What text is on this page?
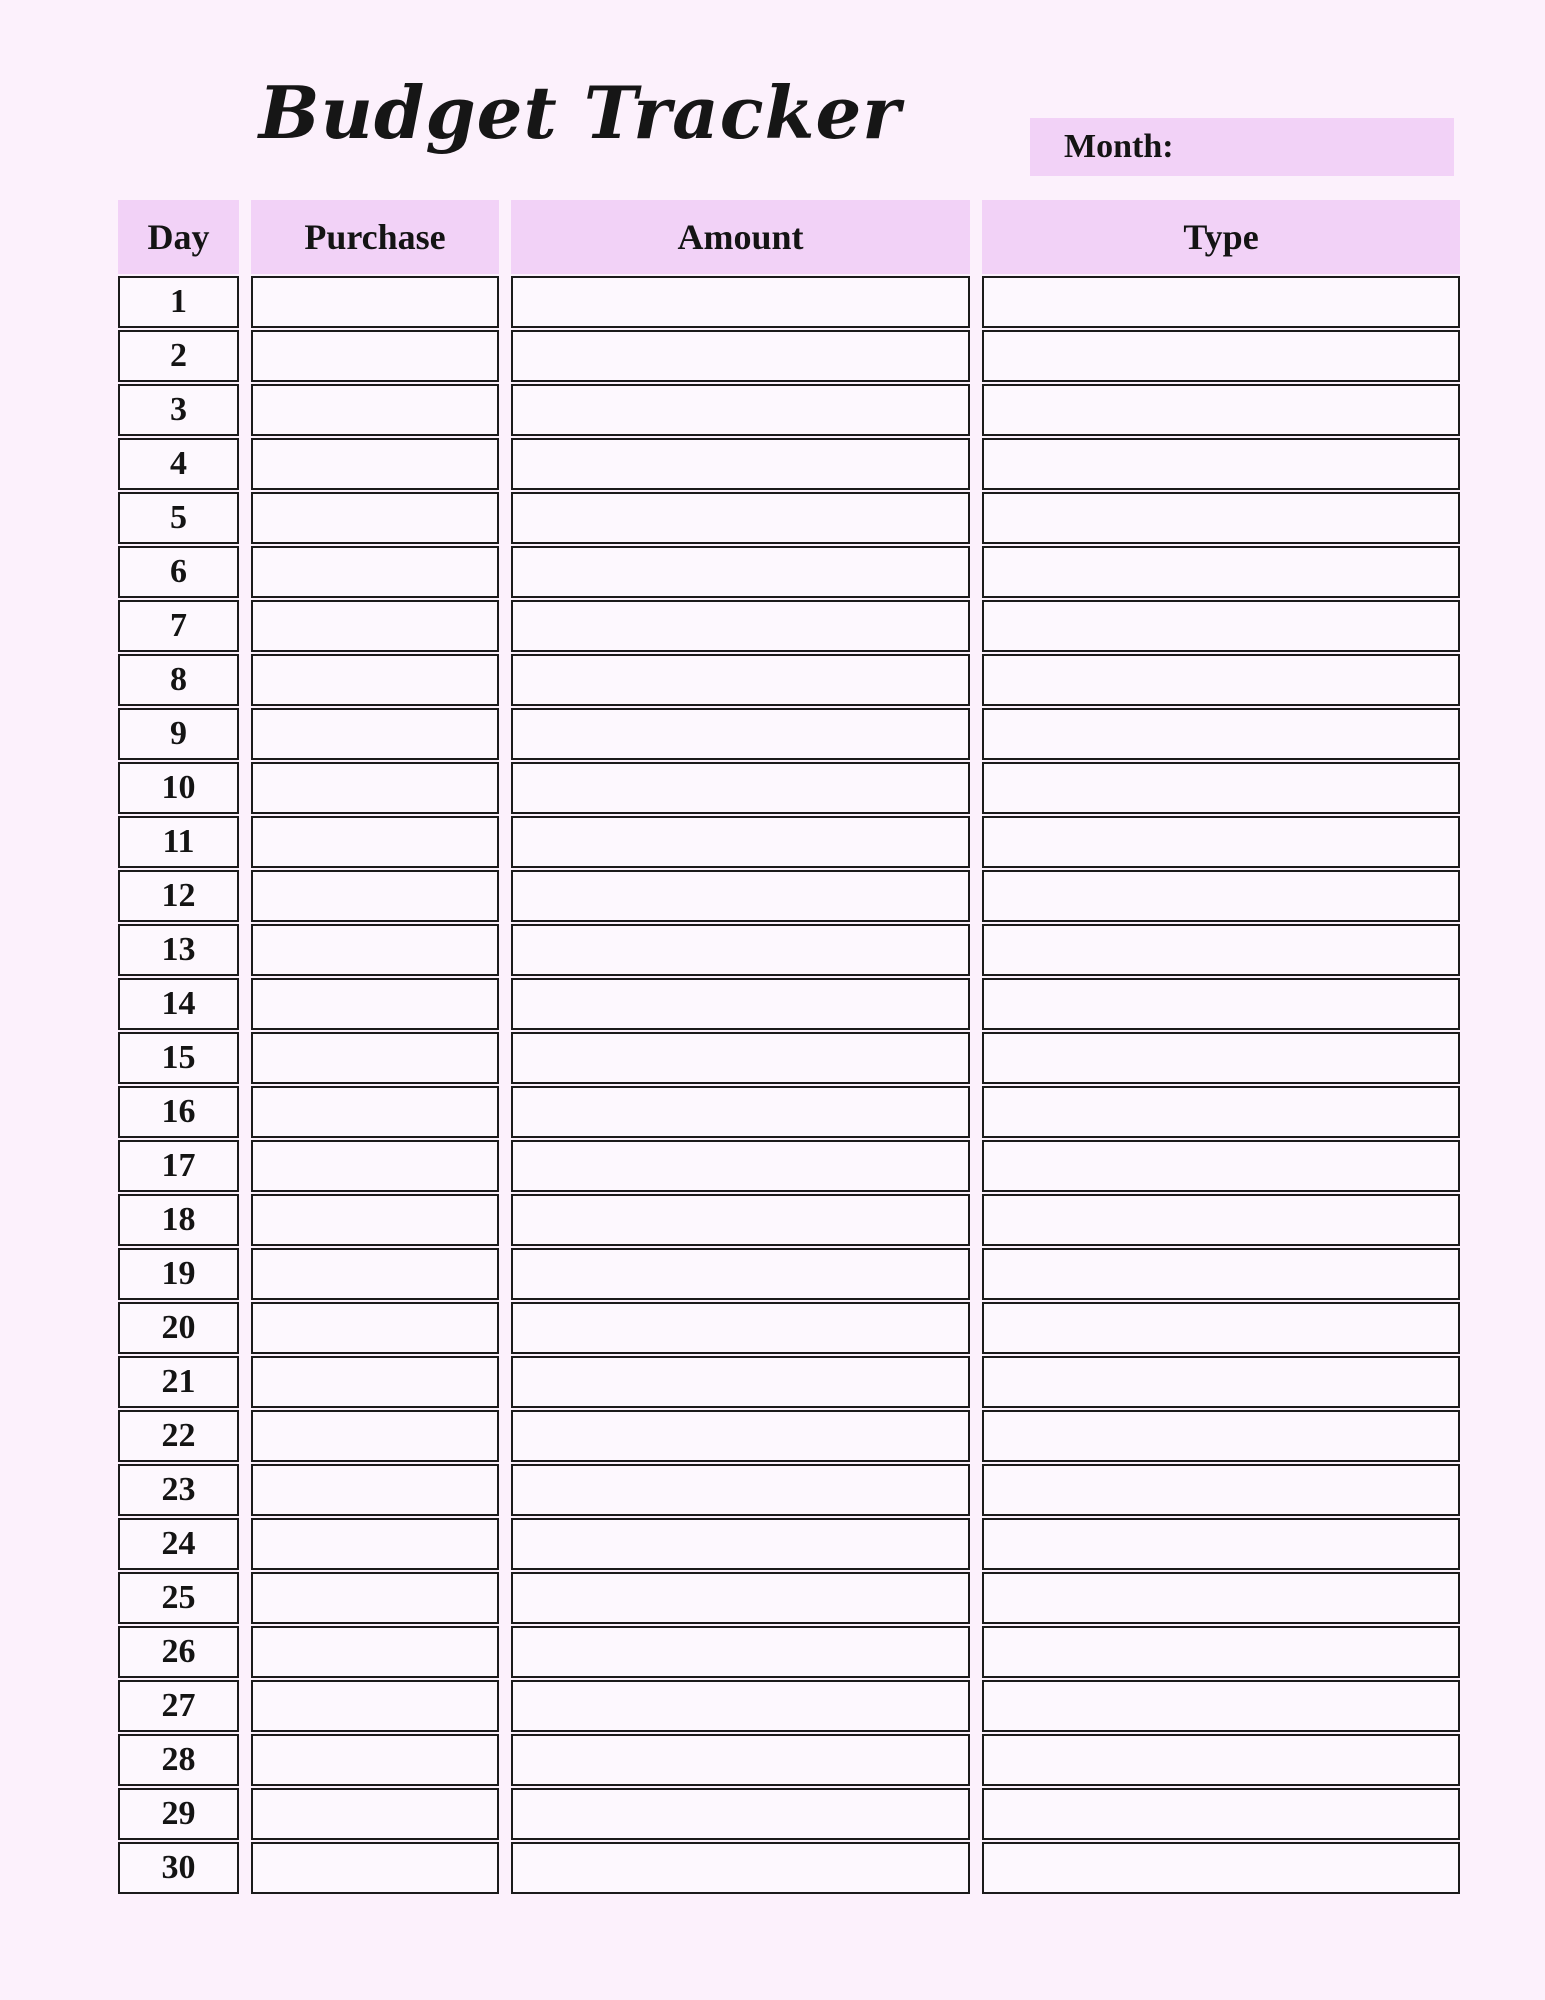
Budget Tracker	Month:
Day	Purchase	Amount	Type
1
2
3
4
5
6
7
8
9
10
11
12
13
14
15
16
17
18
19
20
21
22
23
24
25
26
27
28
29
30
